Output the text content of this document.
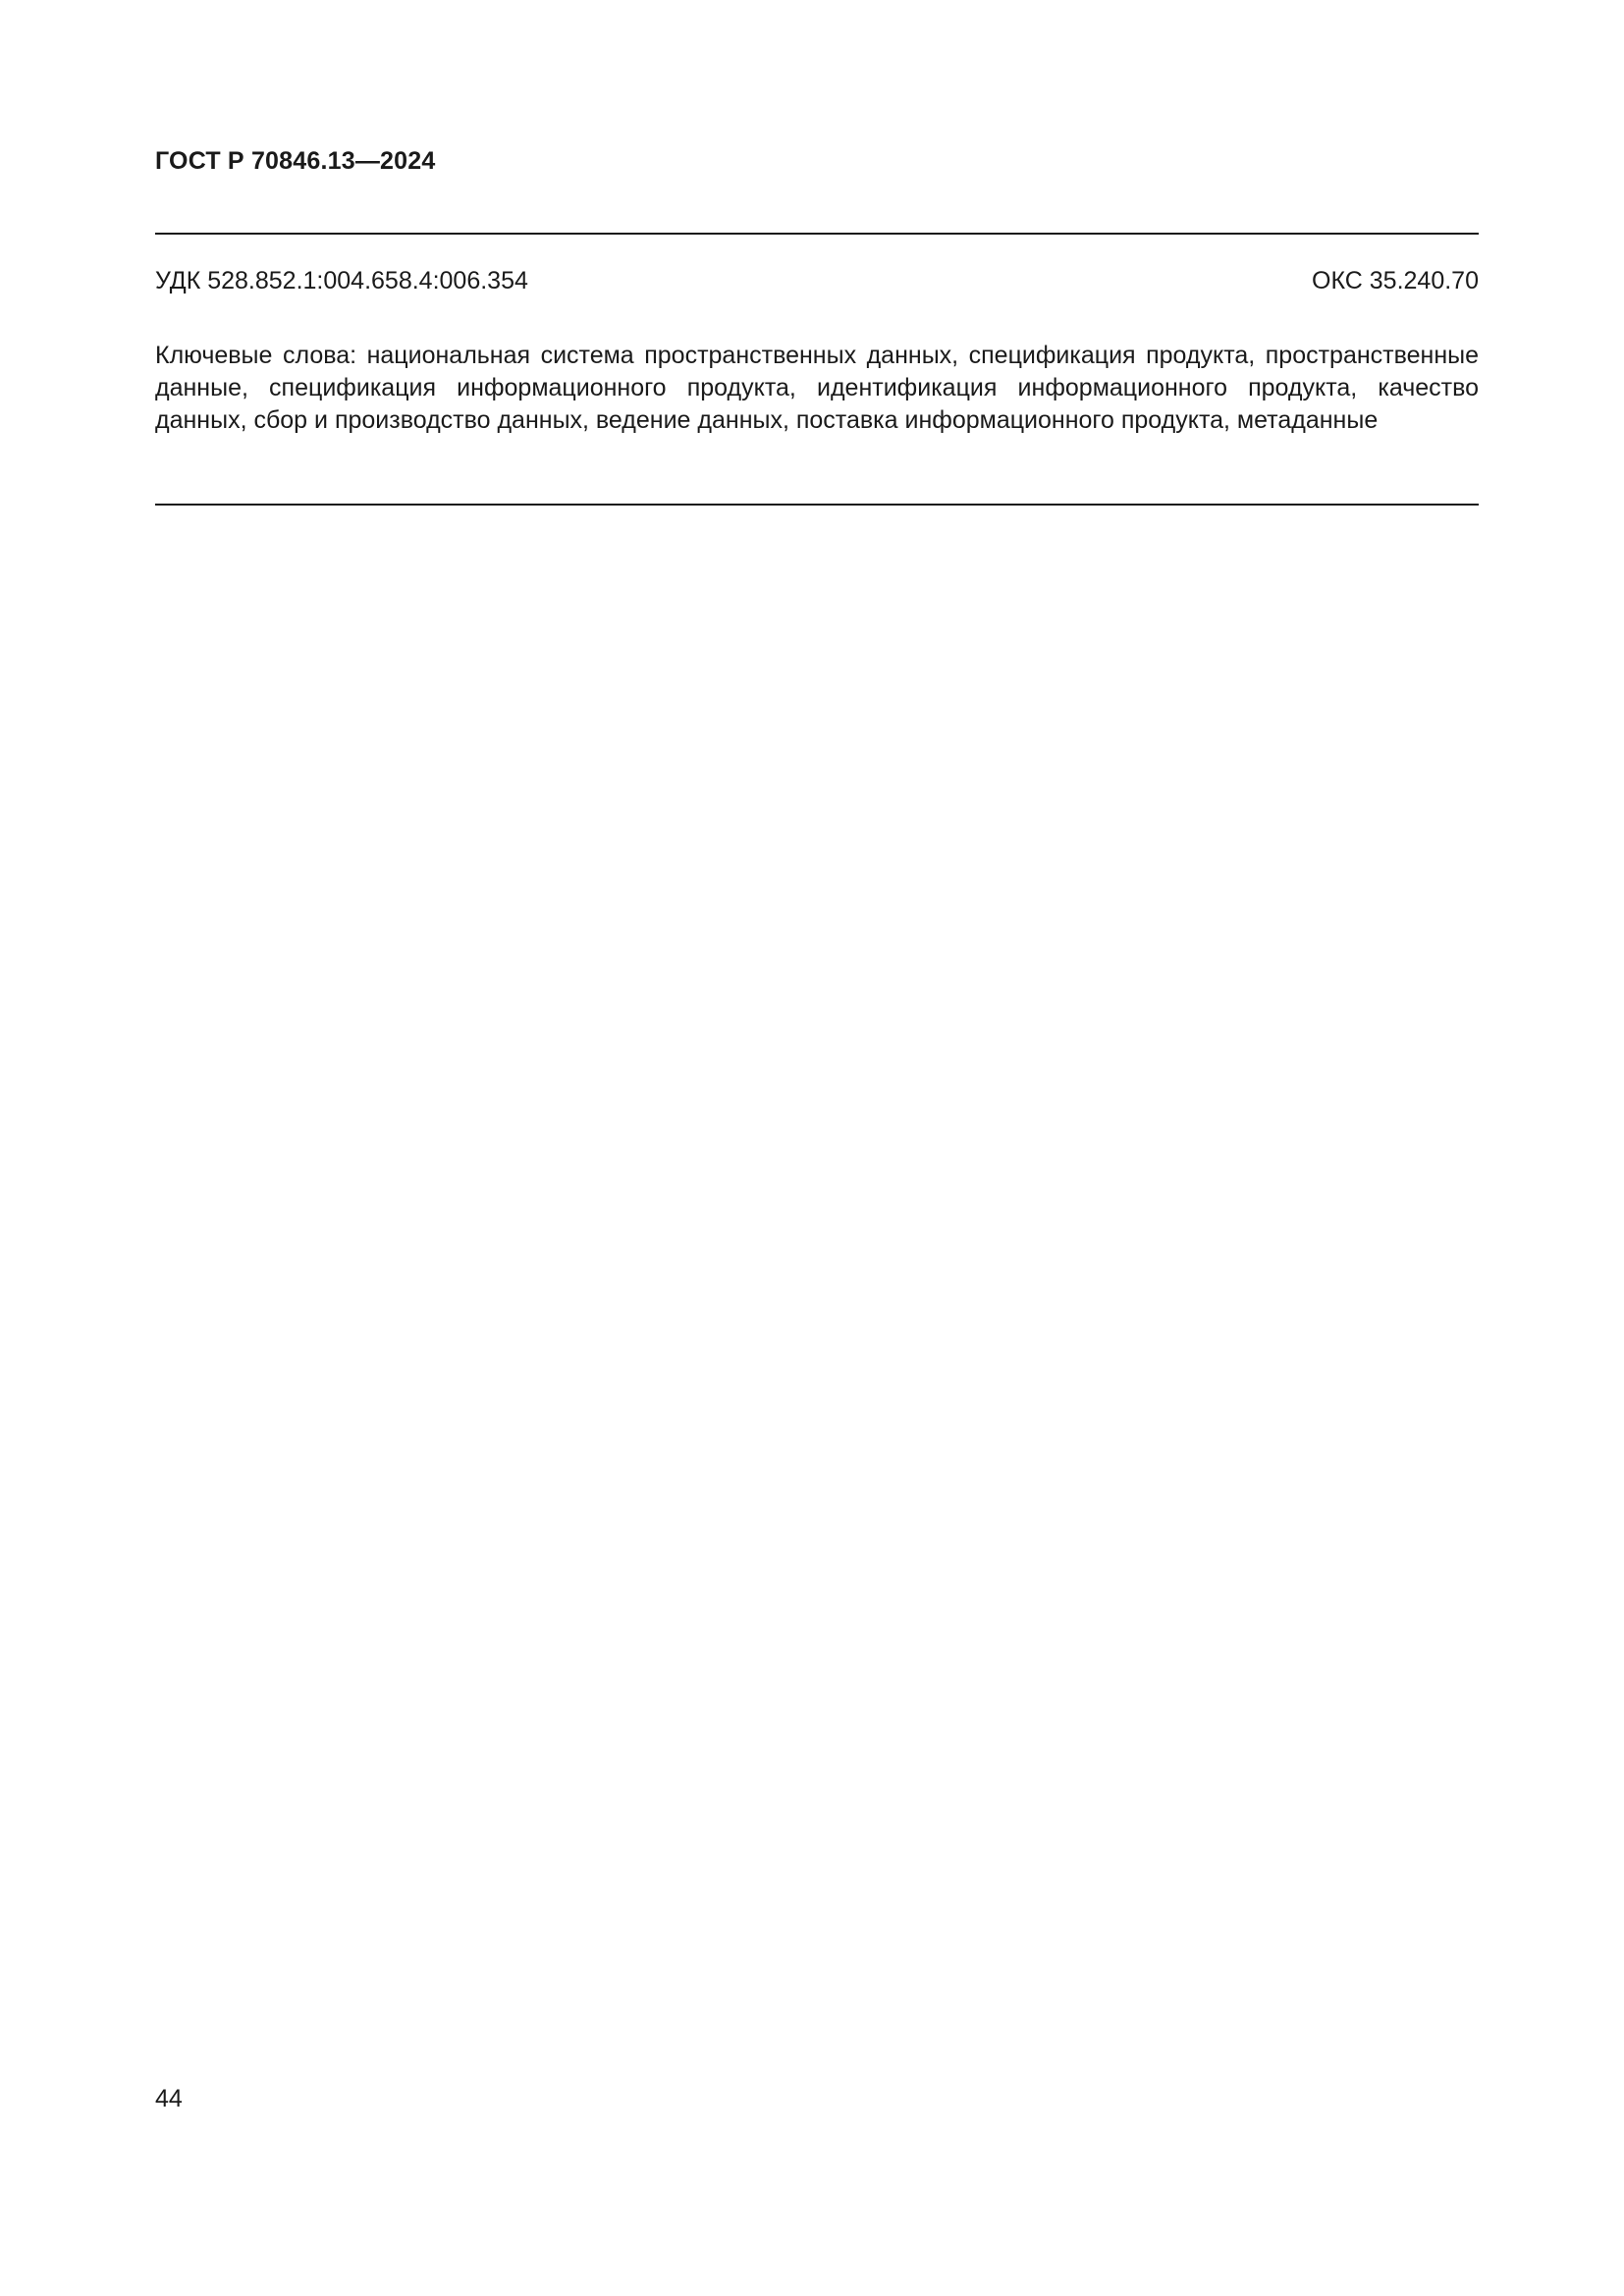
ГОСТ Р 70846.13—2024
УДК 528.852.1:004.658.4:006.354	ОКС 35.240.70

Ключевые слова: национальная система пространственных данных, спецификация продукта, пространственные данные, спецификация информационного продукта, идентификация информационного продукта, качество данных, сбор и производство данных, ведение данных, поставка информационного продукта, метаданные

44
